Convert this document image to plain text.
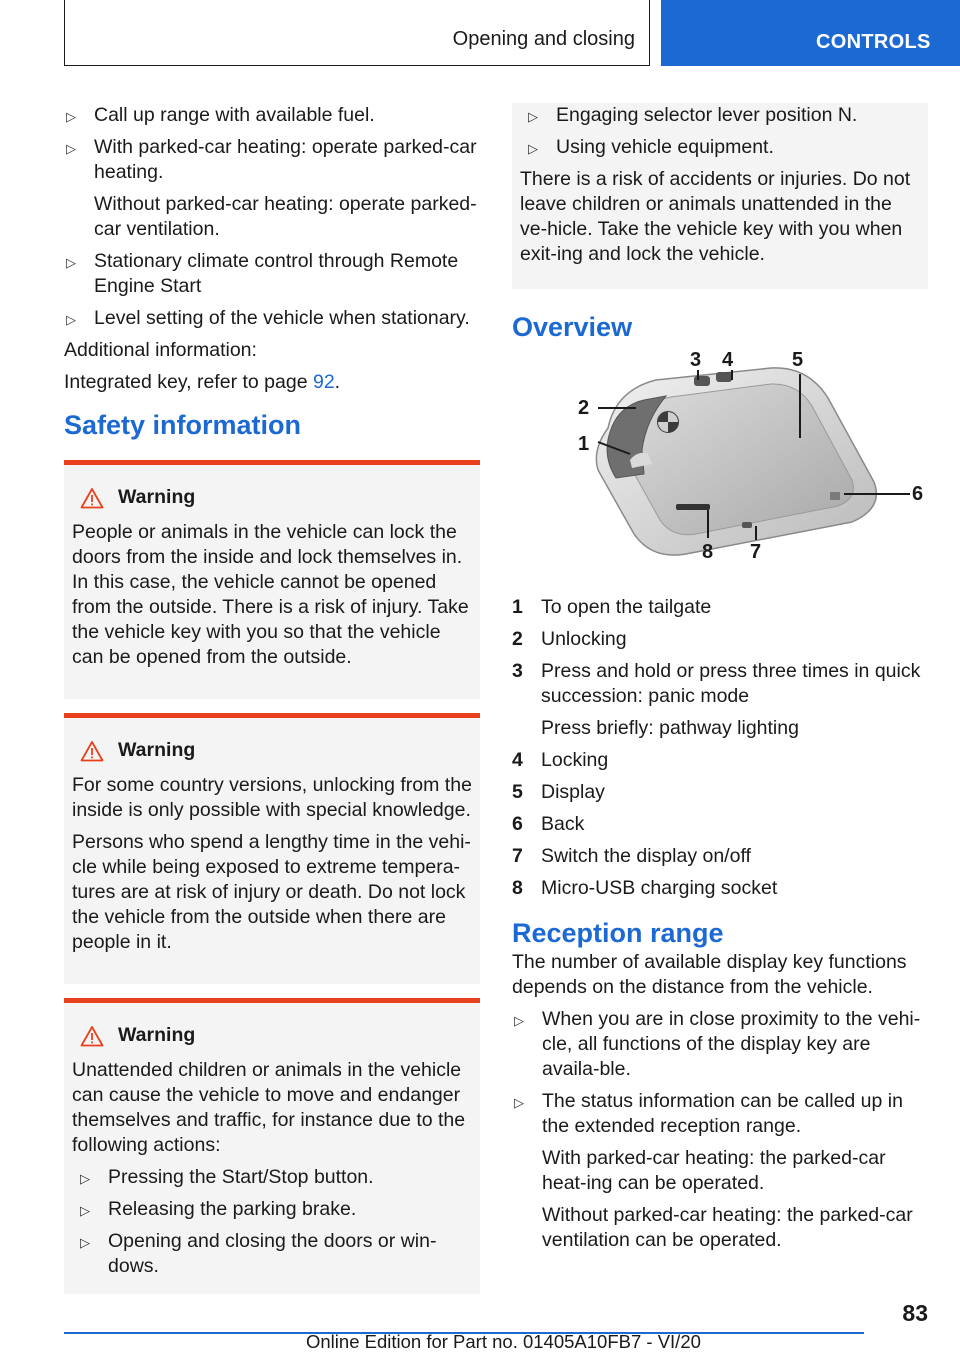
Opening and closing	CONTROLS
▷ Call up range with available fuel.
▷ With parked-car heating: operate parked-car heating.
Without parked-car heating: operate parked-car ventilation.
▷ Stationary climate control through Remote Engine Start
▷ Level setting of the vehicle when stationary.
Additional information:
Integrated key, refer to page 92.
Safety information
Warning
People or animals in the vehicle can lock the doors from the inside and lock themselves in. In this case, the vehicle cannot be opened from the outside. There is a risk of injury. Take the vehicle key with you so that the vehicle can be opened from the outside.
Warning
For some country versions, unlocking from the inside is only possible with special knowledge.
Persons who spend a lengthy time in the vehi‐cle while being exposed to extreme tempera‐tures are at risk of injury or death. Do not lock the vehicle from the outside when there are people in it.
Warning
Unattended children or animals in the vehicle can cause the vehicle to move and endanger themselves and traffic, for instance due to the following actions:
▷ Pressing the Start/Stop button.
▷ Releasing the parking brake.
▷ Opening and closing the doors or win‐dows.
▷ Engaging selector lever position N.
▷ Using vehicle equipment.
There is a risk of accidents or injuries. Do not leave children or animals unattended in the ve‐hicle. Take the vehicle key with you when exit‐ing and lock the vehicle.
Overview
1
2
3 4	5
6
7
8
1 To open the tailgate
2 Unlocking
3 Press and hold or press three times in quick succession: panic mode
Press briefly: pathway lighting
4 Locking
5 Display
6 Back
7 Switch the display on/off
8 Micro-USB charging socket
Reception range
The number of available display key functions depends on the distance from the vehicle.
▷ When you are in close proximity to the vehi‐cle, all functions of the display key are availa‐ble.
▷ The status information can be called up in the extended reception range.
With parked-car heating: the parked-car heat‐ing can be operated.
Without parked-car heating: the parked-car ventilation can be operated.
83
Online Edition for Part no. 01405A10FB7 - VI/20
